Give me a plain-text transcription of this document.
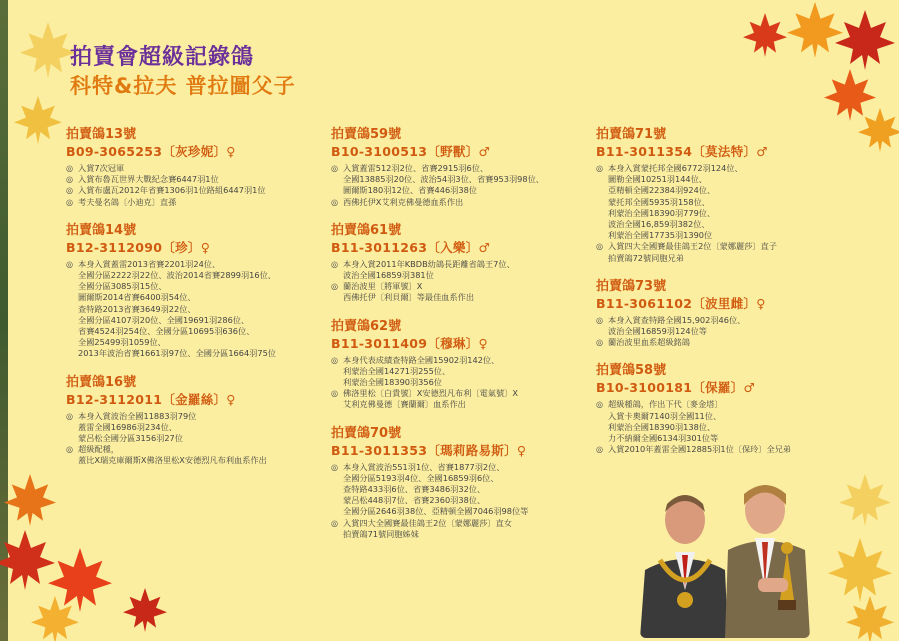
拍賣會超級記錄鴿
科特&拉夫 普拉圖父子
拍賣鴿13號
B09-3065253〔灰珍妮〕♀
◎ 入賞7次冠軍
◎ 入賞布魯瓦世界大戰紀念賽6447羽1位
◎ 入賞布盧瓦2012年省賽1306羽1位路組6447羽1位
◎ 考夫曼名鴿〔小迪克〕直孫
拍賣鴿14號
B12-3112090〔珍〕♀
◎ 本身入賞蓋雷2013省賽2201羽24位、
全國分區2222羽22位、波治2014省賽2899羽16位、
全國分區3085羽15位、
圖爾斯2014省賽6400羽54位、
查特路2013省賽3649羽22位、
全國分區4107羽20位、全國19691羽286位、
省賽4524羽254位、全國分區10695羽636位、
全國25499羽1059位、
2013年波治省賽1661羽97位、全國分區1664羽75位
拍賣鴿16號
B12-3112011〔金羅絲〕♀
◎ 本身入賞波治全國11883羽79位
蓋雷全國16986羽234位、
蒙呂松全國分區3156羽27位
◎ 超級配種，
蓋比X瑞克庫爾斯X佛洛里松X安德烈凡布利血系作出
拍賣鴿59號
B10-3100513〔野獸〕♂
◎ 入賞蓋雷512羽2位、省賽2915羽6位、
全國13885羽20位、波治54羽3位、省賽953羽98位、
圖爾斯180羽12位、省賽446羽38位
◎ 西佛托伊X艾利克佛曼德血系作出
拍賣鴿61號
B11-3011263〔入樂〕♂
◎ 本身入賞2011年KBDB幼鴿長距離省鴿王7位、
波治全國16859羽381位
◎ 蘭治波里〔將軍號〕X
西佛托伊〔利貝爾〕等最佳血系作出
拍賣鴿62號
B11-3011409〔穆琳〕♀
◎ 本身代表成績查特路全國15902羽142位、
利蒙治全國14271羽255位、
利蒙治全國18390羽356位
◎ 佛洛里松〔白貴號〕X安德烈凡布利〔電氣號〕X
艾利克佛曼德〔賽蘭爾〕血系作出
拍賣鴿70號
B11-3011353〔瑪莉路易斯〕♀
◎ 本身入賞波治551羽1位、省賽1877羽2位、
全國分區5193羽4位、全國16859羽6位、
查特路433羽6位、省賽3486羽32位、
蒙呂松448羽7位、省賽2360羽38位、
全國分區2646羽38位、亞精頓全國7046羽98位等
◎ 入賞四大全國賽最佳鴿王2位〔蒙娜麗莎〕直女
拍賣鴿71號同胞姊妹
拍賣鴿71號
B11-3011354〔莫法特〕♂
◎ 本身入賞蒙托邦全國6772羽124位、
圖勒全國10251羽144位、
亞精頓全國22384羽924位、
蒙托邦全國5935羽158位、
利蒙治全國18390羽779位、
波治全國16,859羽382位、
利蒙治全國17735羽1390位
◎ 入賞四大全國賽最佳鴿王2位〔蒙娜麗莎〕直子
拍賣鴿72號同胞兄弟
拍賣鴿73號
B11-3061102〔波里雌〕♀
◎ 本身入賞查特路全國15,902羽46位、
波治全國16859羽124位等
◎ 蘭治波里血系超級銘鴿
拍賣鴿58號
B10-3100181〔保羅〕♂
◎ 超級種鴿，作出下代〔麥金塔〕
入賞卡奧爾7140羽全國11位、
利蒙治全國18390羽138位、
力不納爾全國6134羽301位等
◎ 入賞2010年蓋雷全國12885羽1位〔保玲〕全兄弟
